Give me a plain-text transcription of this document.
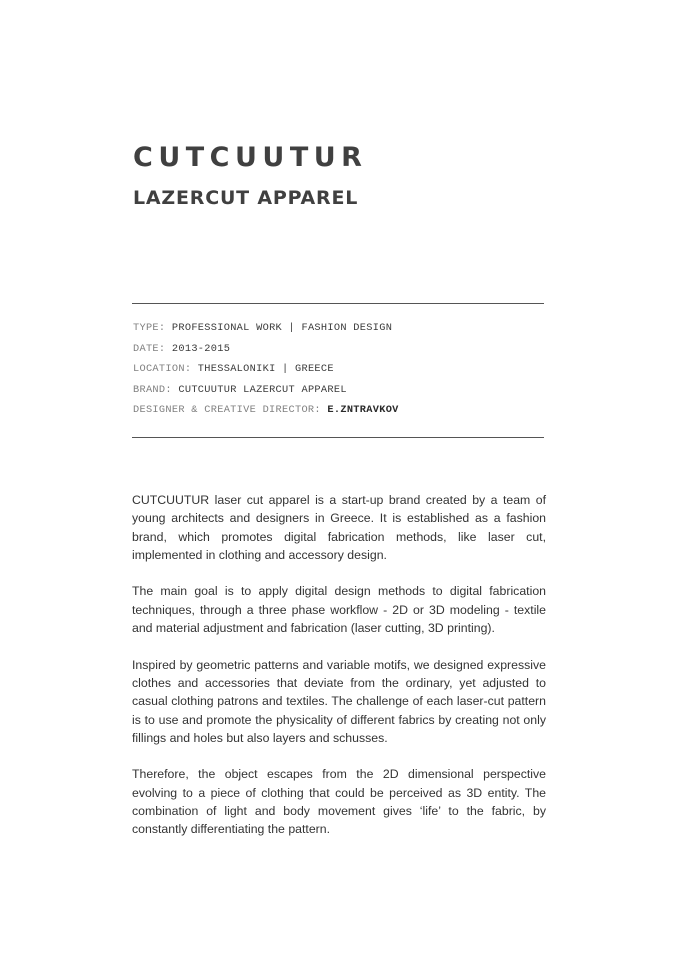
CUTCUUTUR
LAZERCUT APPAREL
TYPE: PROFESSIONAL WORK | FASHION DESIGN
DATE: 2013-2015
LOCATION: THESSALONIKI | GREECE
BRAND: CUTCUUTUR LAZERCUT APPAREL
DESIGNER & CREATIVE DIRECTOR: E.ZNTRAVKOV

CUTCUUTUR laser cut apparel is a start-up brand created by a team of young architects and designers in Greece. It is established as a fashion brand, which promotes digital fabrication methods, like laser cut, implemented in clothing and accessory design.

The main goal is to apply digital design methods to digital fabrication techniques, through a three phase workflow - 2D or 3D modeling - textile and material adjustment and fabrication (laser cutting, 3D printing).

Inspired by geometric patterns and variable motifs, we designed expressive clothes and accessories that deviate from the ordinary, yet adjusted to casual clothing patrons and textiles. The challenge of each laser-cut pattern is to use and promote the physicality of different fabrics by creating not only fillings and holes but also layers and schusses.

Therefore, the object escapes from the 2D dimensional perspective evolving to a piece of clothing that could be perceived as 3D entity. The combination of light and body movement gives ‘life’ to the fabric, by constantly differentiating the pattern.
